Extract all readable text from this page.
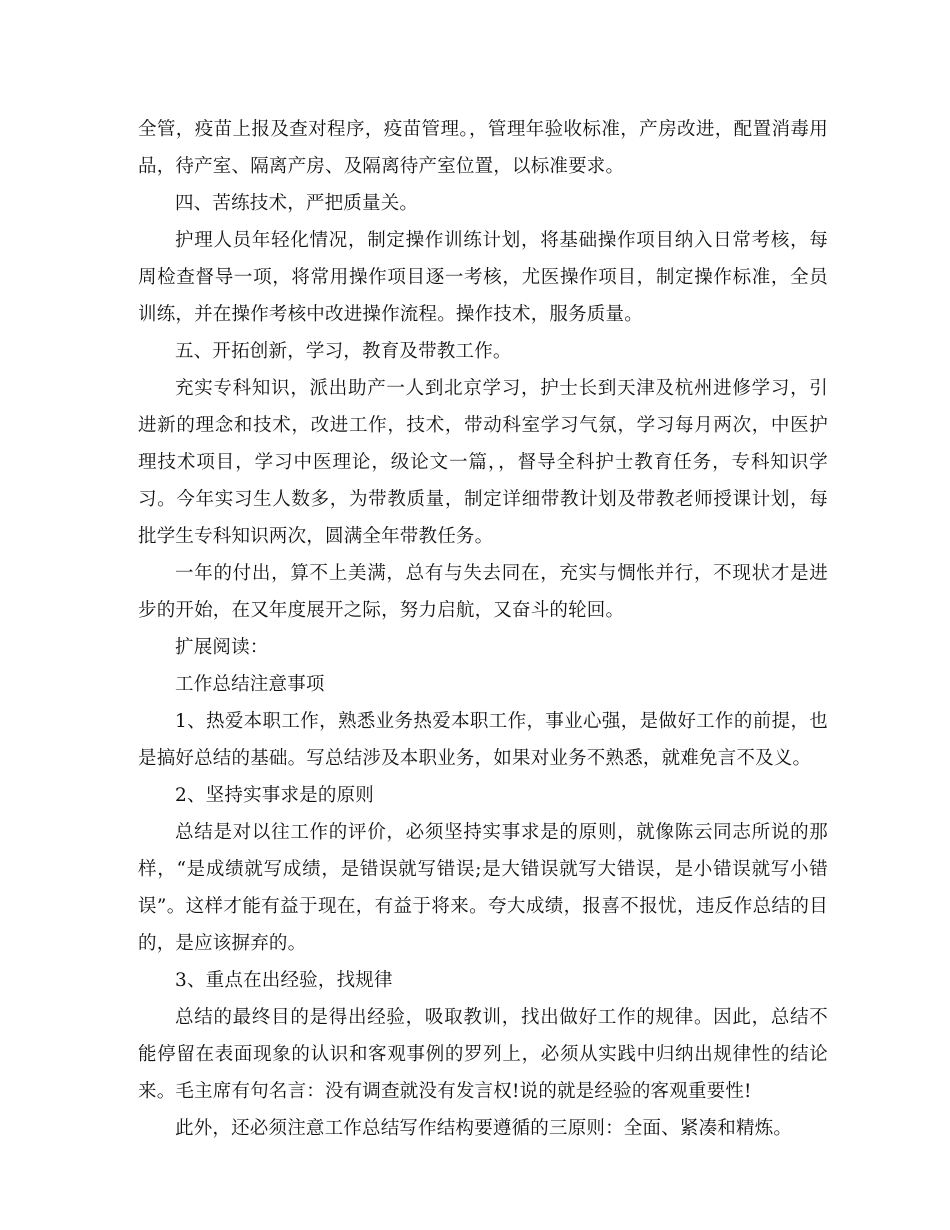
全管，疫苗上报及查对程序，疫苗管理。，管理年验收标准，产房改进，配置消毒用品，待产室、隔离产房、及隔离待产室位置，以标准要求。

四、苦练技术，严把质量关。

护理人员年轻化情况，制定操作训练计划，将基础操作项目纳入日常考核，每周检查督导一项，将常用操作项目逐一考核，尤医操作项目，制定操作标准，全员训练，并在操作考核中改进操作流程。操作技术，服务质量。

五、开拓创新，学习，教育及带教工作。

充实专科知识，派出助产一人到北京学习，护士长到天津及杭州进修学习，引进新的理念和技术，改进工作，技术，带动科室学习气氛，学习每月两次，中医护理技术项目，学习中医理论，级论文一篇，，督导全科护士教育任务，专科知识学习。今年实习生人数多，为带教质量，制定详细带教计划及带教老师授课计划，每批学生专科知识两次，圆满全年带教任务。

一年的付出，算不上美满，总有与失去同在，充实与惆怅并行，不现状才是进步的开始，在又年度展开之际，努力启航，又奋斗的轮回。

扩展阅读：

工作总结注意事项

1、热爱本职工作，熟悉业务热爱本职工作，事业心强，是做好工作的前提，也是搞好总结的基础。写总结涉及本职业务，如果对业务不熟悉，就难免言不及义。

2、坚持实事求是的原则

总结是对以往工作的评价，必须坚持实事求是的原则，就像陈云同志所说的那样，“是成绩就写成绩，是错误就写错误;是大错误就写大错误，是小错误就写小错误”。这样才能有益于现在，有益于将来。夸大成绩，报喜不报忧，违反作总结的目的，是应该摒弃的。

3、重点在出经验，找规律

总结的最终目的是得出经验，吸取教训，找出做好工作的规律。因此，总结不能停留在表面现象的认识和客观事例的罗列上，必须从实践中归纳出规律性的结论来。毛主席有句名言：没有调查就没有发言权!说的就是经验的客观重要性!

此外，还必须注意工作总结写作结构要遵循的三原则：全面、紧凑和精炼。
